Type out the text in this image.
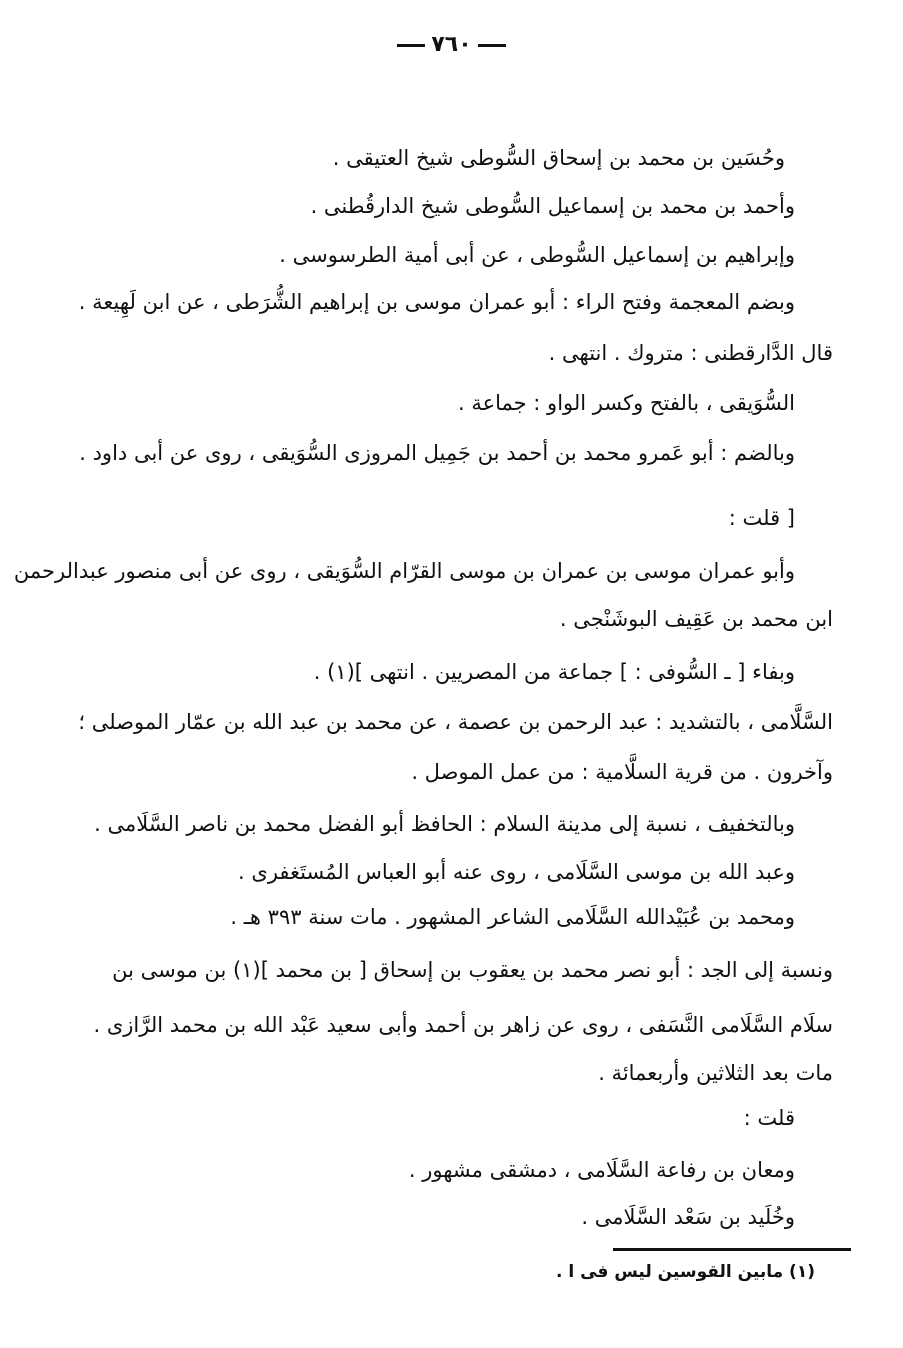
٧٦٠
وحُسَين بن محمد بن إسحاق السُّوطى شيخ العتيقى .
وأحمد بن محمد بن إسماعيل السُّوطى شيخ الدارقُطنى .
وإبراهيم بن إسماعيل السُّوطى ، عن أبى أمية الطرسوسى .
وبضم المعجمة وفتح الراء : أبو عمران موسى بن إبراهيم الشُّرَطى ، عن ابن لَهِيعة .
قال الدَّارقطنى : متروك . انتهى .
السُّوَيقى ، بالفتح وكسر الواو : جماعة .
وبالضم : أبو عَمرو محمد بن أحمد بن جَمِيل المروزى السُّوَيقى ، روى عن أبى داود .
[ قلت :
وأبو عمران موسى بن عمران بن موسى القرّام السُّوَيقى ، روى عن أبى منصور عبدالرحمن
ابن محمد بن عَقِيف البوشَنْجى .
وبفاء [ ـ السُّوفى : ] جماعة من المصريين . انتهى ](١) .
السَّلَّامى ، بالتشديد : عبد الرحمن بن عصمة ، عن محمد بن عبد الله بن عمّار الموصلى ؛
وآخرون . من قرية السلَّامية : من عمل الموصل .
وبالتخفيف ، نسبة إلى مدينة السلام : الحافظ أبو الفضل محمد بن ناصر السَّلَامى .
وعبد الله بن موسى السَّلَامى ، روى عنه أبو العباس المُستَغفرى .
ومحمد بن عُبَيْدالله السَّلَامى الشاعر المشهور . مات سنة ٣٩٣ هـ .
ونسبة إلى الجد : أبو نصر محمد بن يعقوب بن إسحاق [ بن محمد ](١) بن موسى بن
سلَام السَّلَامى النَّسَفى ، روى عن زاهر بن أحمد وأبى سعيد عَبْد الله بن محمد الرَّازى .
مات بعد الثلاثين وأربعمائة .
قلت :
ومعان بن رفاعة السَّلَامى ، دمشقى مشهور .
وخُلَيد بن سَعْد السَّلَامى .
(١) مابين القوسين ليس فى ا .
